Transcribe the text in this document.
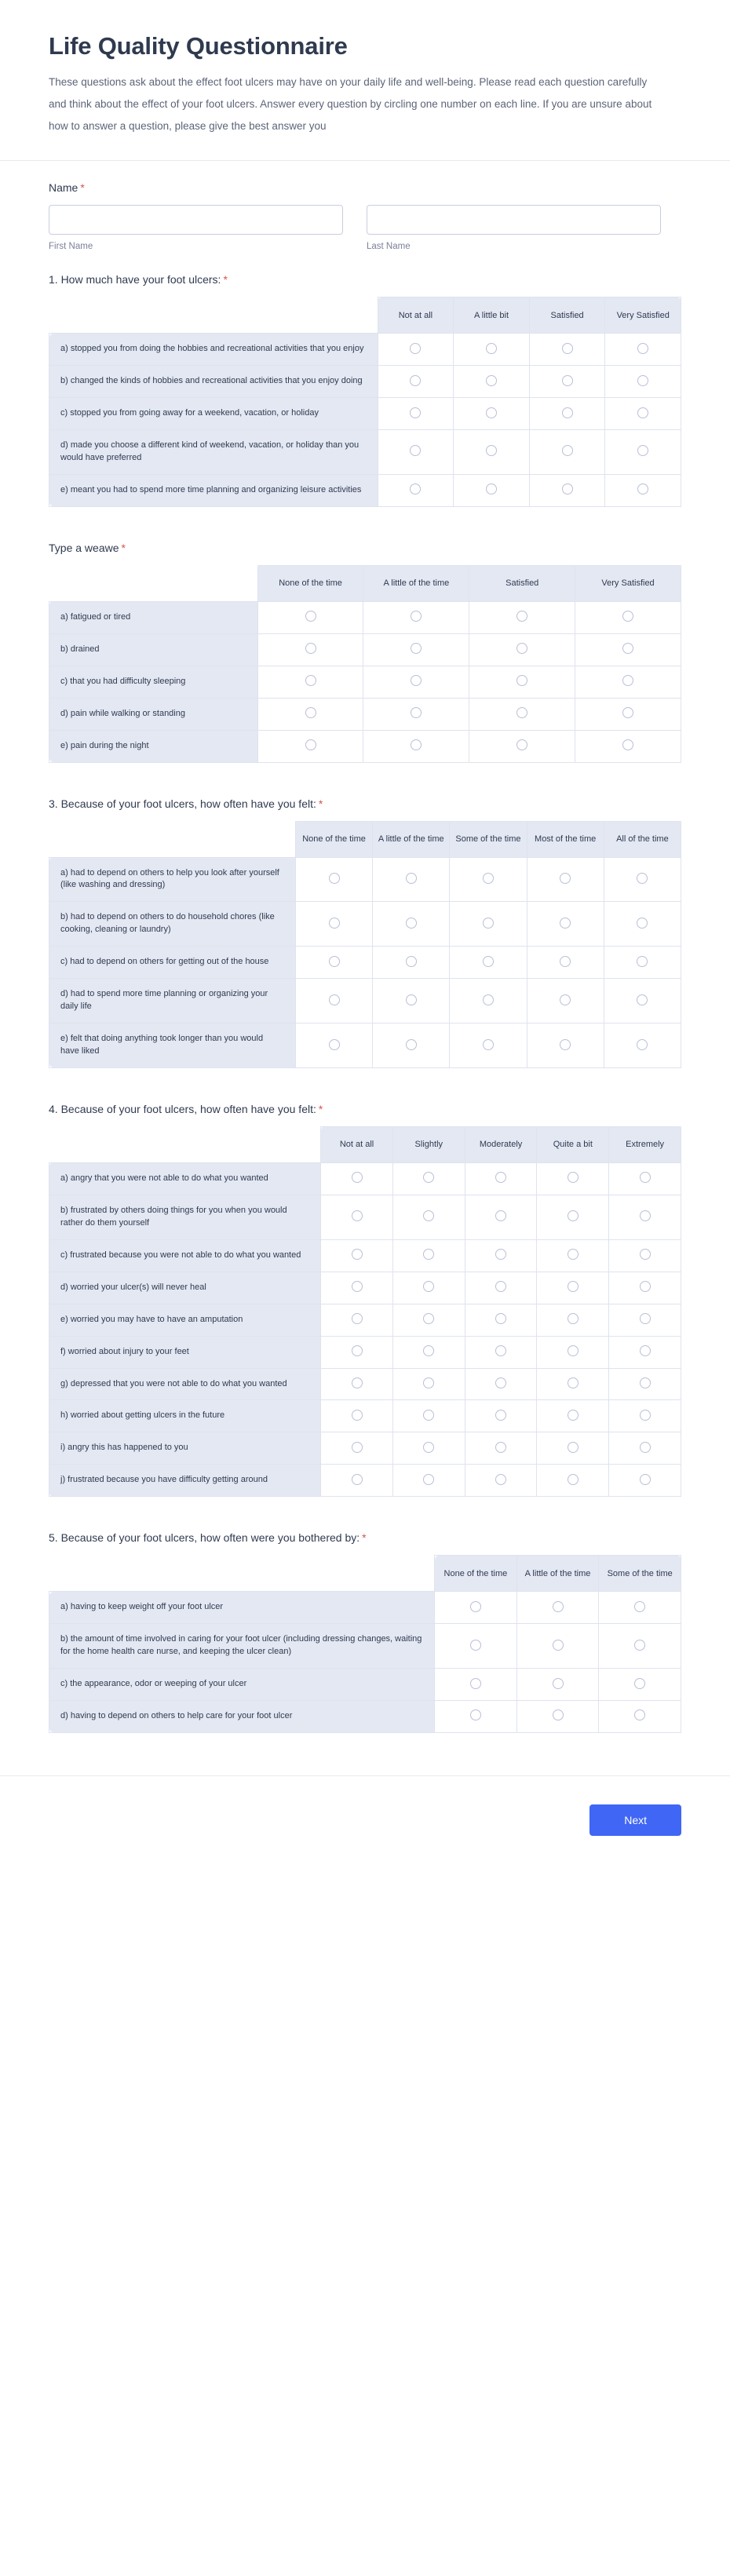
Life Quality Questionnaire

These questions ask about the effect foot ulcers may have on your daily life and well-being. Please read each question carefully and think about the effect of your foot ulcers. Answer every question by circling one number on each line. If you are unsure about how to answer a question, please give the best answer you

Name *
First Name	Last Name
1. How much have your foot ulcers: *
	Not at all	A little bit	Satisfied	Very Satisfied
a) stopped you from doing the hobbies and recreational activities that you enjoy				
b) changed the kinds of hobbies and recreational activities that you enjoy doing				
c) stopped you from going away for a weekend, vacation, or holiday				
d) made you choose a different kind of weekend, vacation, or holiday than you would have preferred				
e) meant you had to spend more time planning and organizing leisure activities				
Type a weawe *
	None of the time	A little of the time	Satisfied	Very Satisfied
a) fatigued or tired				
b) drained				
c) that you had difficulty sleeping				
d) pain while walking or standing				
e) pain during the night				
3. Because of your foot ulcers, how often have you felt: *
	None of the time	A little of the time	Some of the time	Most of the time	All of the time
a) had to depend on others to help you look after yourself (like washing and dressing)					
b) had to depend on others to do household chores (like cooking, cleaning or laundry)					
c) had to depend on others for getting out of the house					
d) had to spend more time planning or organizing your daily life					
e) felt that doing anything took longer than you would have liked					
4. Because of your foot ulcers, how often have you felt: *
	Not at all	Slightly	Moderately	Quite a bit	Extremely
a) angry that you were not able to do what you wanted					
b) frustrated by others doing things for you when you would rather do them yourself					
c) frustrated because you were not able to do what you wanted					
d) worried your ulcer(s) will never heal					
e) worried you may have to have an amputation					
f) worried about injury to your feet					
g) depressed that you were not able to do what you wanted					
h) worried about getting ulcers in the future					
i) angry this has happened to you					
j) frustrated because you have difficulty getting around					
5. Because of your foot ulcers, how often were you bothered by: *
	None of the time	A little of the time	Some of the time
a) having to keep weight off your foot ulcer			
b) the amount of time involved in caring for your foot ulcer (including dressing changes, waiting for the home health care nurse, and keeping the ulcer clean)			
c) the appearance, odor or weeping of your ulcer			
d) having to depend on others to help care for your foot ulcer			
Next
